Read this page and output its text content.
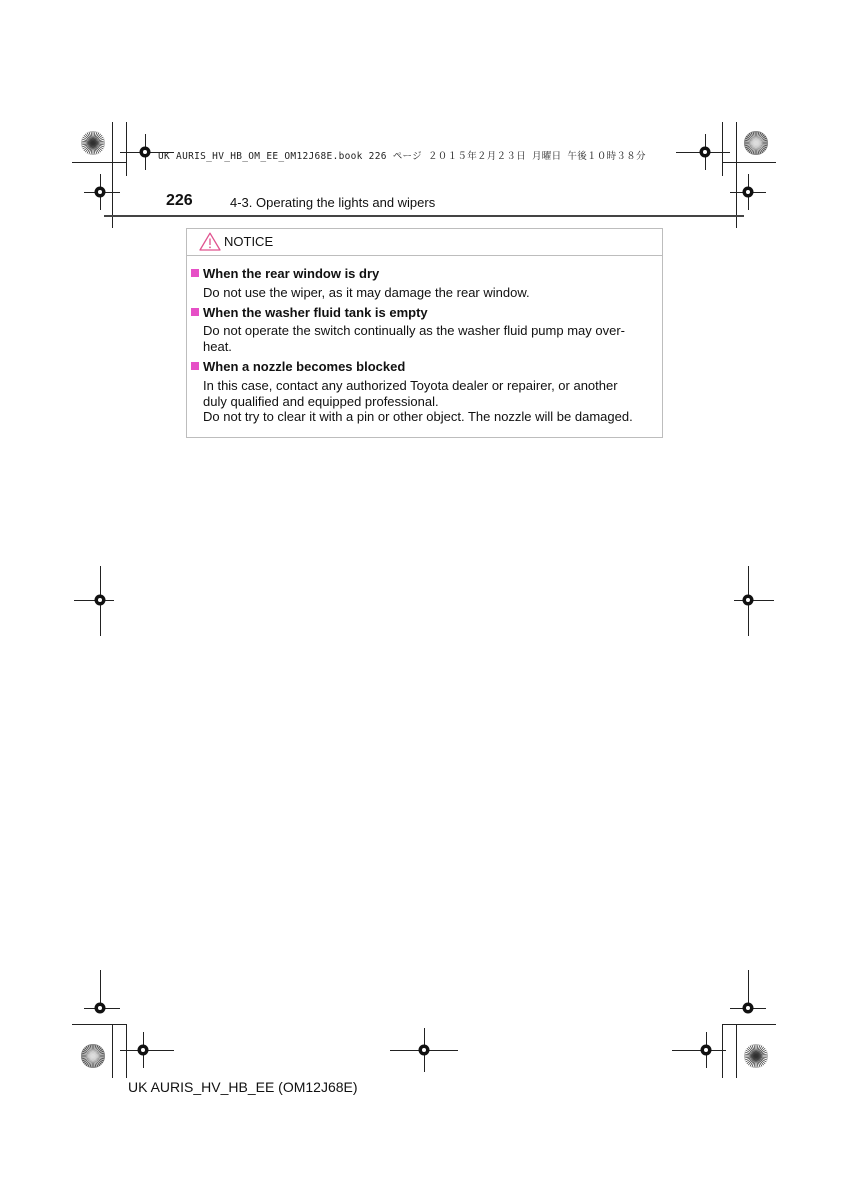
UK AURIS_HV_HB_OM_EE_OM12J68E.book 226 ページ ２０１５年２月２３日 月曜日 午後１０時３８分
226	4-3. Operating the lights and wipers
NOTICE
When the rear window is dry
Do not use the wiper, as it may damage the rear window.
When the washer fluid tank is empty
Do not operate the switch continually as the washer fluid pump may over-
heat.
When a nozzle becomes blocked
In this case, contact any authorized Toyota dealer or repairer, or another
duly qualified and equipped professional.
Do not try to clear it with a pin or other object. The nozzle will be damaged.
UK AURIS_HV_HB_EE (OM12J68E)
